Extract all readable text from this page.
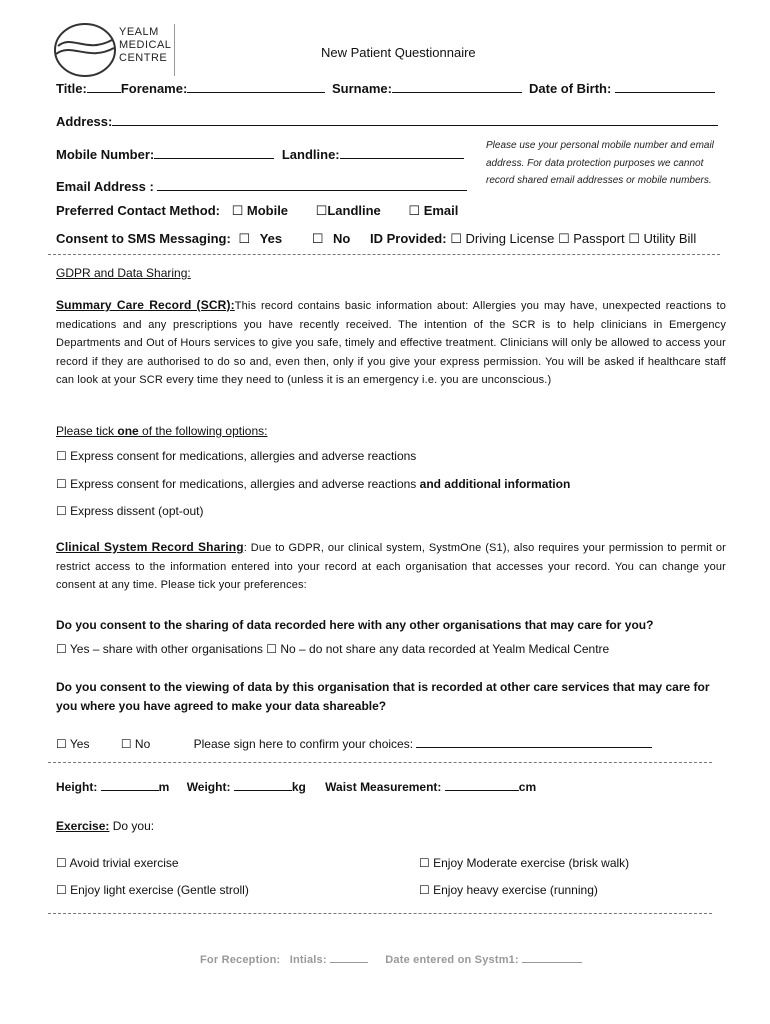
YEALM
MEDICAL
CENTRE	New Patient Questionnaire
Title:	Forename:	Surname:	Date of Birth:
Address:
Mobile Number:	Landline:
Please use your personal mobile number and email address. For data protection purposes we cannot record shared email addresses or mobile numbers.
Email Address :
Preferred Contact Method: ☐ Mobile ☐	Landline ☐	Email
Consent to SMS Messaging: ☐ Yes ☐	No ID Provided: ☐ Driving License ☐ Passport ☐ Utility Bill
GDPR and Data Sharing:
Summary Care Record (SCR):This record contains basic information about: Allergies you may have, unexpected reactions to medications and any prescriptions you have recently received. The intention of the SCR is to help clinicians in Emergency Departments and Out of Hours services to give you safe, timely and effective treatment. Clinicians will only be allowed to access your record if they are authorised to do so and, even then, only if you give your express permission. You will be asked if healthcare staff can look at your SCR every time they need to (unless it is an emergency i.e. you are unconscious.)
Please tick one of the following options:
☐ Express consent for medications, allergies and adverse reactions
☐ Express consent for medications, allergies and adverse reactions and additional information
☐ Express dissent (opt-out)
Clinical System Record Sharing: Due to GDPR, our clinical system, SystmOne (S1), also requires your permission to permit or restrict access to the information entered into your record at each organisation that accesses your record. You can change your consent at any time. Please tick your preferences:
Do you consent to the sharing of data recorded here with any other organisations that may care for you?
☐ Yes – share with other organisations ☐ No – do not share any data recorded at Yealm Medical Centre
Do you consent to the viewing of data by this organisation that is recorded at other care services that may care for you where you have agreed to make your data shareable?
☐ Yes ☐	No	Please sign here to confirm your choices:
Height:	m Weight:	kg Waist Measurement:	cm
Exercise: Do you:
☐ Avoid trivial exercise ☐	Enjoy Moderate exercise (brisk walk)
☐ Enjoy light exercise (Gentle stroll) ☐	Enjoy heavy exercise (running)
For Reception: Intials:	Date entered on Systm1:
